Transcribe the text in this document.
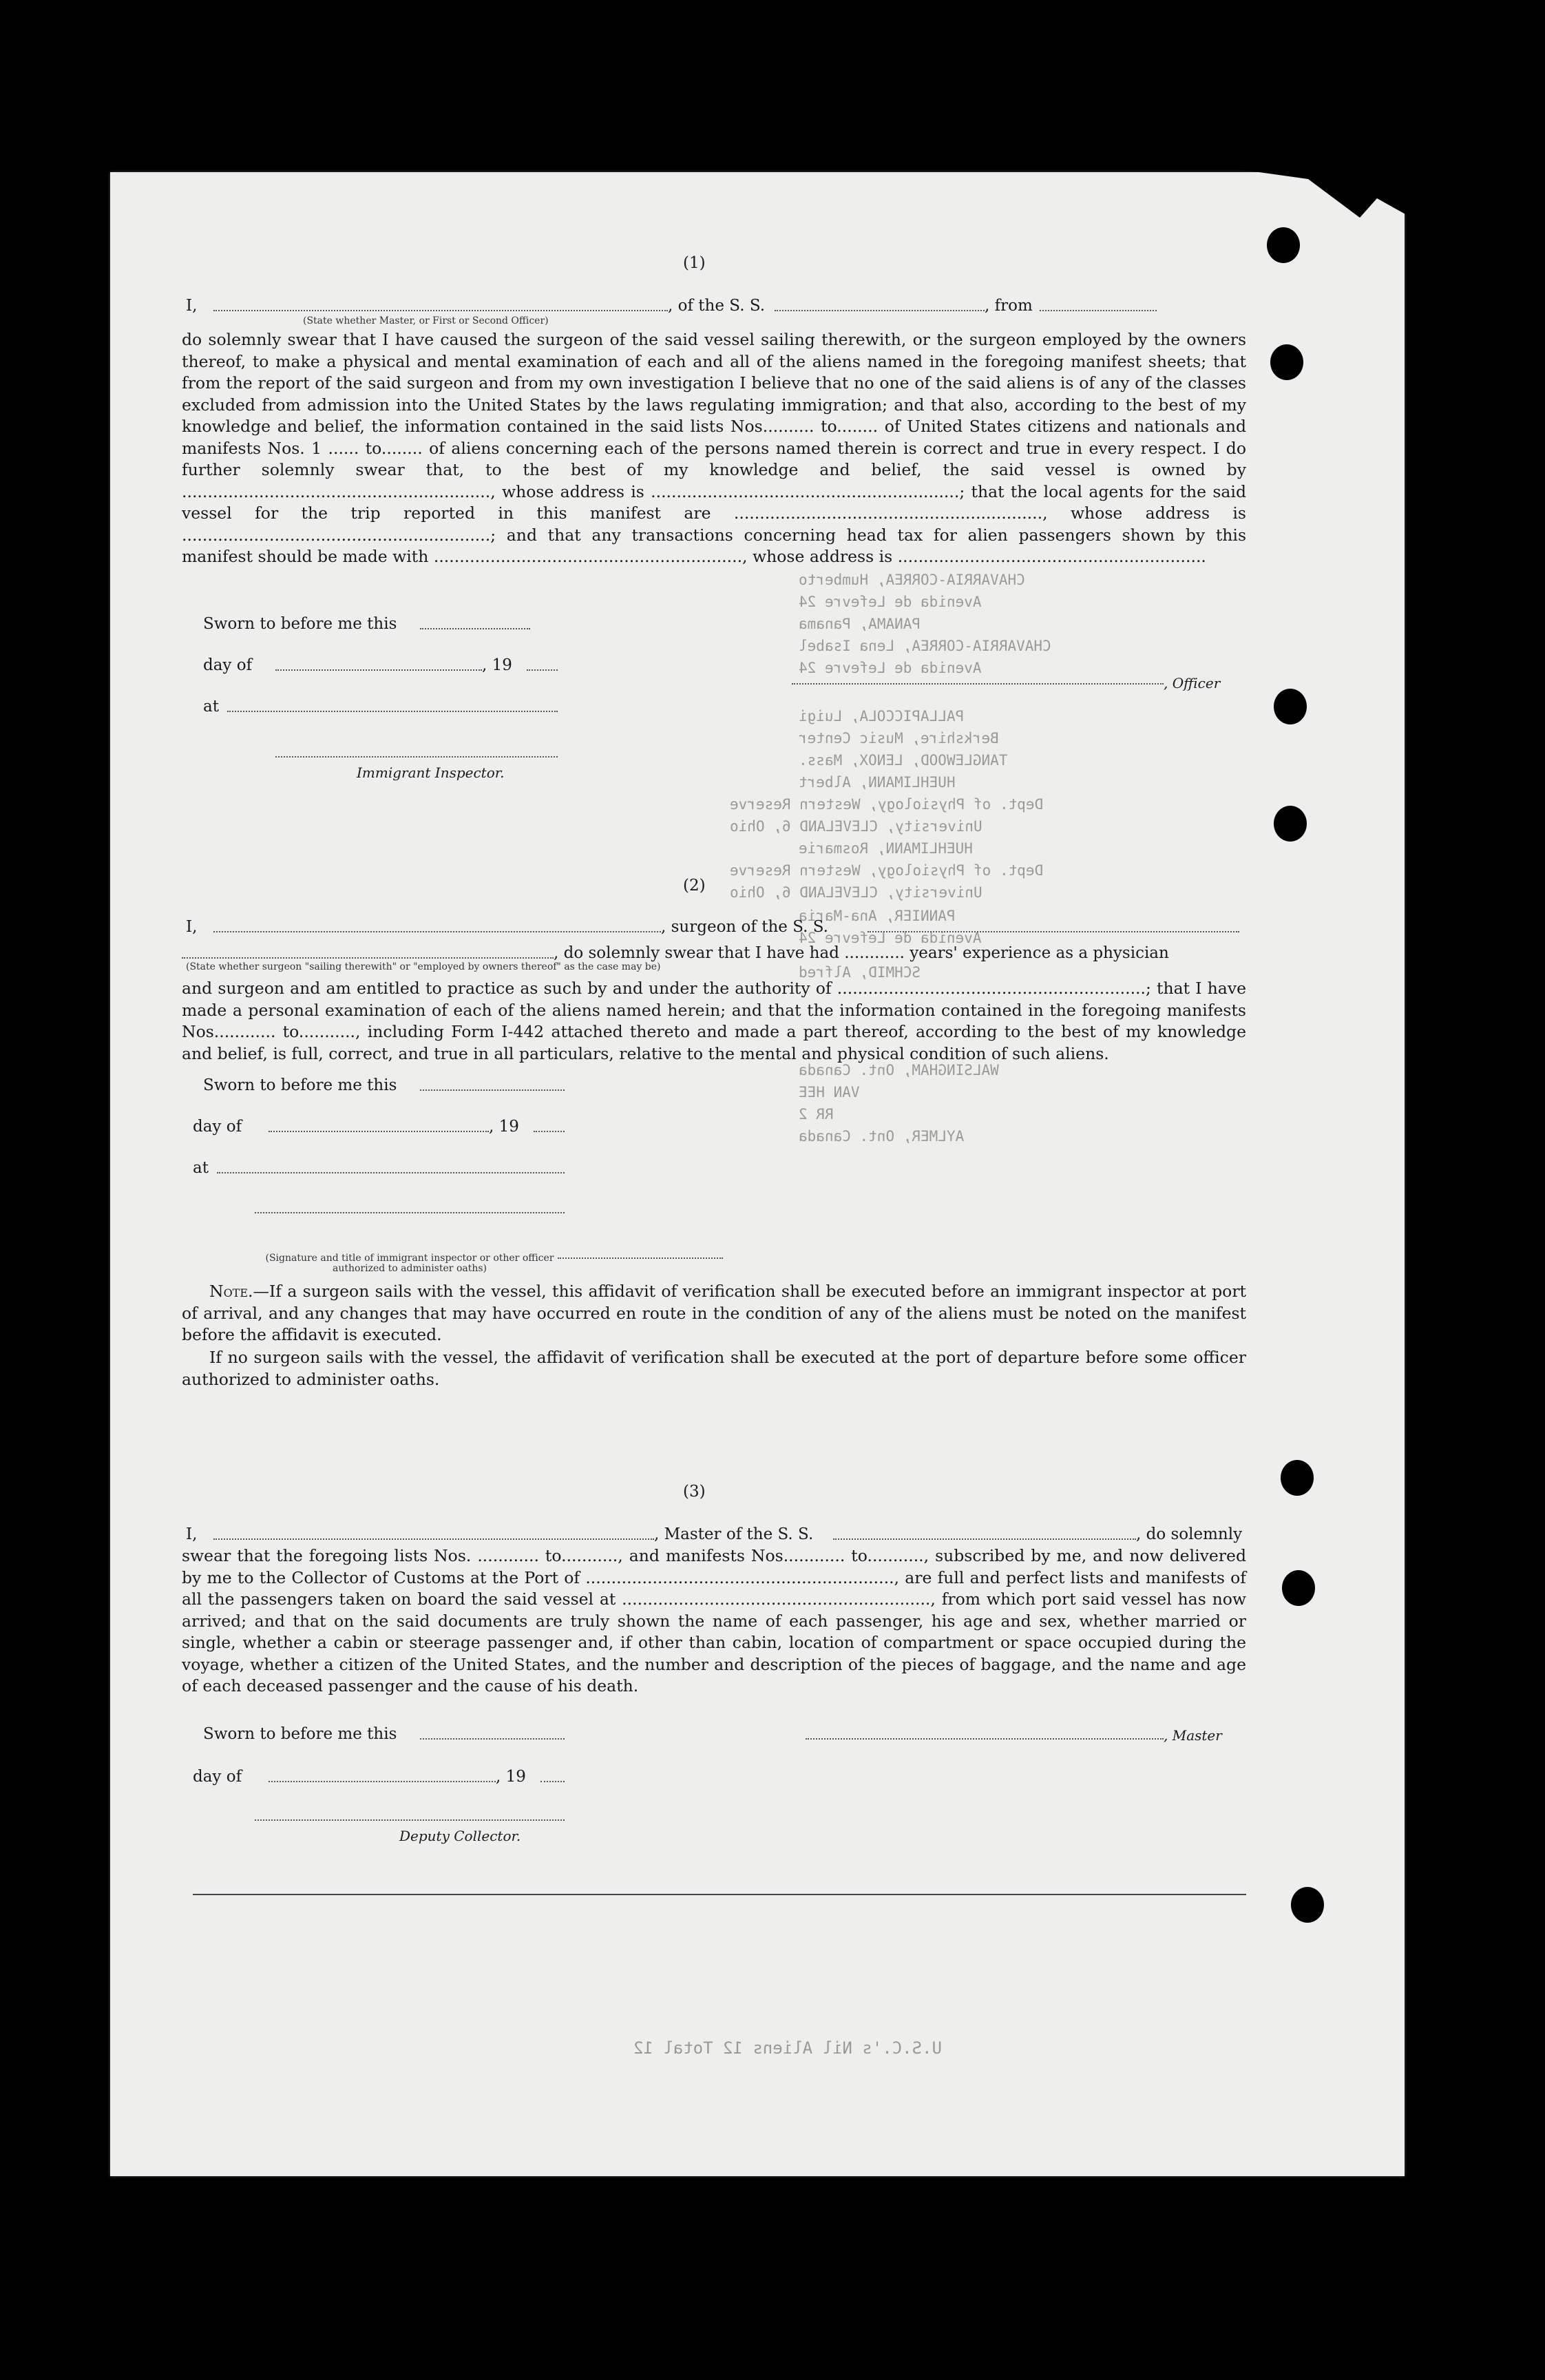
CHAVARRIA-CORREA, Humberto
Avenida de Lefevre 24
PANAMA, Panama
CHAVARRIA-CORREA, Lena Isabel
Avenida de Lefevre 24
PALLAPICCOLA, Luigi
Berkshire, Music Center
TANGLEWOOD, LENOX, Mass.
HUEHLIMANN, Albert
Dept. of Physiology, Western Reserve
University, CLEVELAND 6, Ohio
HUEHLIMANN, Rosmarie
Dept. of Physiology, Western Reserve
University, CLEVELAND 6, Ohio
PANNIER, Ana-Maria
Avenida de Lefevre 24
SCHMID, Alfred
WALSINGHAM, Ont. Canada
VAN HEE
RR 2
AYLMER, Ont. Canada
U.S.C.'s Nil Aliens 12 Total 12
(1)
I,	, of the S. S.	, from
(State whether Master, or First or Second Officer)
do solemnly swear that I have caused the surgeon of the said vessel sailing therewith, or the surgeon employed by the owners thereof, to make a physical and mental examination of each and all of the aliens named in the foregoing manifest sheets; that from the report of the said surgeon and from my own investigation I believe that no one of the said aliens is of any of the classes excluded from admission into the United States by the laws regulating immigration; and that also, according to the best of my knowledge and belief, the information contained in the said lists Nos.......... to........ of United States citizens and nationals and manifests Nos. 1 ...... to........ of aliens concerning each of the persons named therein is correct and true in every respect. I do further solemnly swear that, to the best of my knowledge and belief, the said vessel is owned by ............................................................, whose address is ............................................................; that the local agents for the said vessel for the trip reported in this manifest are ............................................................, whose address is ............................................................; and that any transactions concerning head tax for alien passengers shown by this manifest should be made with ............................................................, whose address is ............................................................
Sworn to before me this
day of	, 19
at
, Officer
Immigrant Inspector.
(2)
I,	, surgeon of the S. S.
, do solemnly swear that I have had ............ years' experience as a physician
(State whether surgeon "sailing therewith" or "employed by owners thereof" as the case may be)
and surgeon and am entitled to practice as such by and under the authority of ............................................................; that I have made a personal examination of each of the aliens named herein; and that the information contained in the foregoing manifests Nos............ to..........., including Form I-442 attached thereto and made a part thereof, according to the best of my knowledge and belief, is full, correct, and true in all particulars, relative to the mental and physical condition of such aliens.
Sworn to before me this
day of	, 19
at
(Signature and title of immigrant inspector or other officer authorized to administer oaths)
Note.—If a surgeon sails with the vessel, this affidavit of verification shall be executed before an immigrant inspector at port of arrival, and any changes that may have occurred en route in the condition of any of the aliens must be noted on the manifest before the affidavit is executed.
If no surgeon sails with the vessel, the affidavit of verification shall be executed at the port of departure before some officer authorized to administer oaths.
(3)
I,	, Master of the S. S.	, do solemnly
swear that the foregoing lists Nos. ............ to..........., and manifests Nos............ to..........., subscribed by me, and now delivered by me to the Collector of Customs at the Port of ............................................................, are full and perfect lists and manifests of all the passengers taken on board the said vessel at ............................................................, from which port said vessel has now arrived; and that on the said documents are truly shown the name of each passenger, his age and sex, whether married or single, whether a cabin or steerage passenger and, if other than cabin, location of compartment or space occupied during the voyage, whether a citizen of the United States, and the number and description of the pieces of baggage, and the name and age of each deceased passenger and the cause of his death.
Sworn to before me this	, Master
day of	, 19
Deputy Collector.
